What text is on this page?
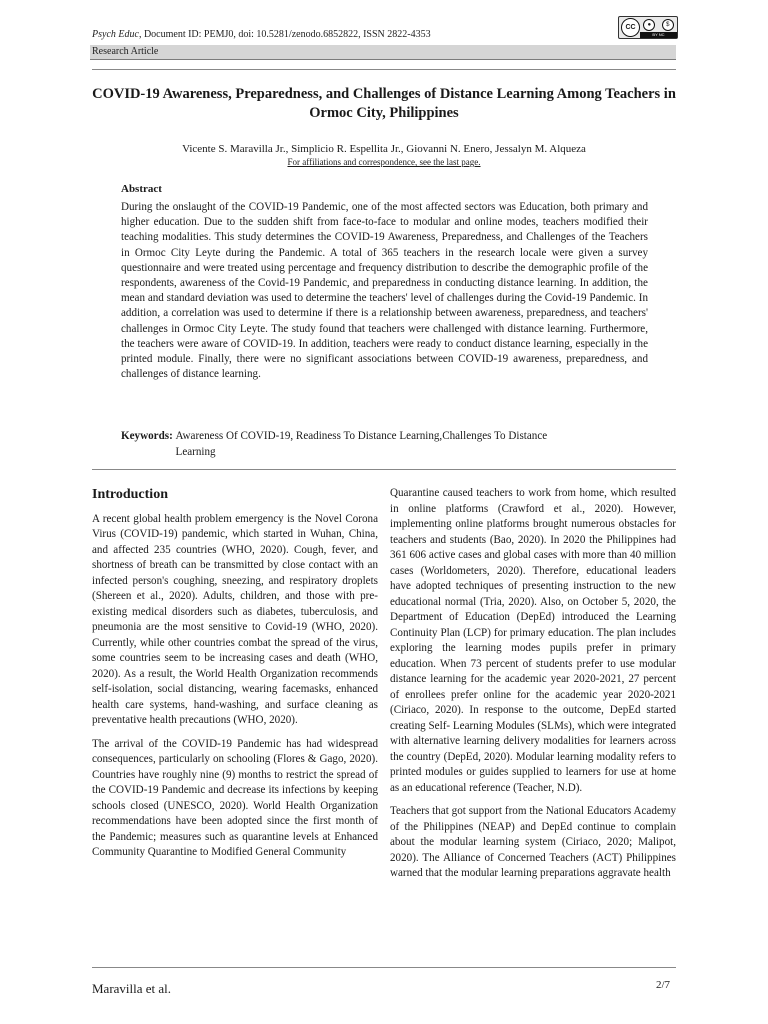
Psych Educ, Document ID: PEMJ0, doi: 10.5281/zenodo.6852822, ISSN 2822-4353
CC	●	$
BY NC
Research Article
COVID-19 Awareness, Preparedness, and Challenges of Distance Learning Among Teachers in Ormoc City, Philippines
Vicente S. Maravilla Jr., Simplicio R. Espellita Jr., Giovanni N. Enero, Jessalyn M. Alqueza
For affiliations and correspondence, see the last page.
Abstract
During the onslaught of the COVID-19 Pandemic, one of the most affected sectors was Education, both primary and higher education. Due to the sudden shift from face-to-face to modular and online modes, teachers modified their teaching modalities. This study determines the COVID-19 Awareness, Preparedness, and Challenges of the Teachers in Ormoc City Leyte during the Pandemic. A total of 365 teachers in the research locale were given a survey questionnaire and were treated using percentage and frequency distribution to describe the demographic profile of the respondents, awareness of the Covid-19 Pandemic, and preparedness in conducting distance learning. In addition, the mean and standard deviation was used to determine the teachers' level of challenges during the Covid-19 Pandemic. In addition, a correlation was used to determine if there is a relationship between awareness, preparedness, and teachers' challenges in Ormoc City Leyte. The study found that teachers were challenged with distance learning. Furthermore, the teachers were aware of COVID-19. In addition, teachers were ready to conduct distance learning, especially in the printed module. Finally, there were no significant associations between COVID-19 awareness, preparedness, and challenges of distance learning.
Keywords: Awareness Of COVID-19, Readiness To Distance Learning,Challenges To Distance Learning
Introduction

A recent global health problem emergency is the Novel Corona Virus (COVID-19) pandemic, which started in Wuhan, China, and affected 235 countries (WHO, 2020). Cough, fever, and shortness of breath can be transmitted by close contact with an infected person's coughing, sneezing, and respiratory droplets (Shereen et al., 2020). Adults, children, and those with pre-existing medical disorders such as diabetes, tuberculosis, and pneumonia are the most sensitive to Covid-19 (WHO, 2020). Currently, while other countries combat the spread of the virus, some countries seem to be increasing cases and death (WHO, 2020). As a result, the World Health Organization recommends self-isolation, social distancing, wearing facemasks, enhanced health care systems, hand-washing, and surface cleaning as preventative health precautions (WHO, 2020).

The arrival of the COVID-19 Pandemic has had widespread consequences, particularly on schooling (Flores & Gago, 2020). Countries have roughly nine (9) months to restrict the spread of the COVID-19 Pandemic and decrease its infections by keeping schools closed (UNESCO, 2020). World Health Organization recommendations have been adopted since the first month of the Pandemic; measures such as quarantine levels at Enhanced Community Quarantine to Modified General Community

Quarantine caused teachers to work from home, which resulted in online platforms (Crawford et al., 2020). However, implementing online platforms brought numerous obstacles for teachers and students (Bao, 2020). In 2020 the Philippines had 361 606 active cases and global cases with more than 40 million cases (Worldometers, 2020). Therefore, educational leaders have adopted techniques of presenting instruction to the new educational normal (Tria, 2020). Also, on October 5, 2020, the Department of Education (DepEd) introduced the Learning Continuity Plan (LCP) for primary education. The plan includes exploring the learning modes pupils prefer in primary education. When 73 percent of students prefer to use modular distance learning for the academic year 2020-2021, 27 percent of enrollees prefer online for the academic year 2020-2021 (Ciriaco, 2020). In response to the outcome, DepEd started creating Self- Learning Modules (SLMs), which were integrated with alternative learning delivery modalities for learners across the country (DepEd, 2020). Modular learning modality refers to printed modules or guides supplied to learners for use at home as an educational reference (Teacher, N.D).

Teachers that got support from the National Educators Academy of the Philippines (NEAP) and DepEd continue to complain about the modular learning system (Ciriaco, 2020; Malipot, 2020). The Alliance of Concerned Teachers (ACT) Philippines warned that the modular learning preparations aggravate health

Maravilla et al.	2/7
